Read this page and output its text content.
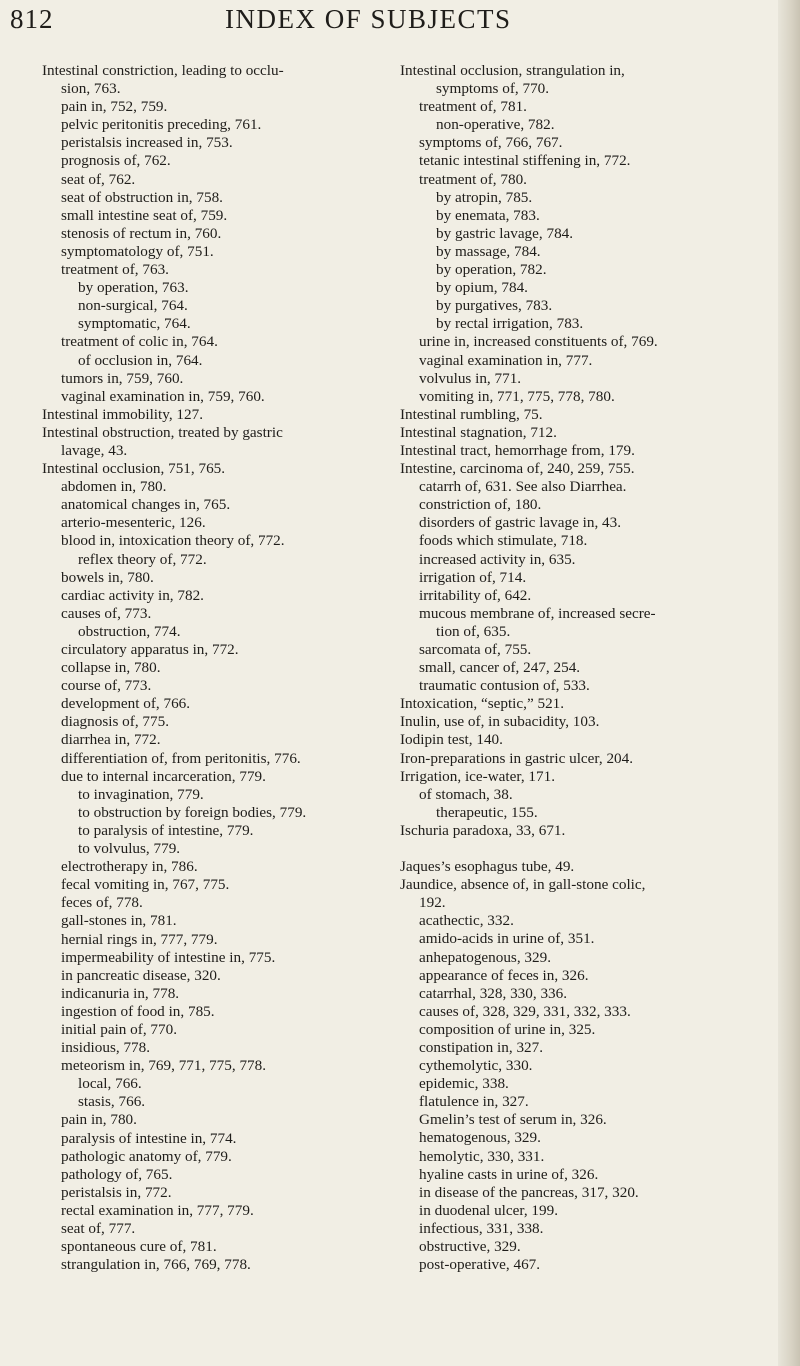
812	INDEX OF SUBJECTS
Intestinal constriction, leading to occlu-
sion, 763.
pain in, 752, 759.
pelvic peritonitis preceding, 761.
peristalsis increased in, 753.
prognosis of, 762.
seat of, 762.
seat of obstruction in, 758.
small intestine seat of, 759.
stenosis of rectum in, 760.
symptomatology of, 751.
treatment of, 763.
by operation, 763.
non-surgical, 764.
symptomatic, 764.
treatment of colic in, 764.
of occlusion in, 764.
tumors in, 759, 760.
vaginal examination in, 759, 760.
Intestinal immobility, 127.
Intestinal obstruction, treated by gastric
lavage, 43.
Intestinal occlusion, 751, 765.
abdomen in, 780.
anatomical changes in, 765.
arterio-mesenteric, 126.
blood in, intoxication theory of, 772.
reflex theory of, 772.
bowels in, 780.
cardiac activity in, 782.
causes of, 773.
obstruction, 774.
circulatory apparatus in, 772.
collapse in, 780.
course of, 773.
development of, 766.
diagnosis of, 775.
diarrhea in, 772.
differentiation of, from peritonitis, 776.
due to internal incarceration, 779.
to invagination, 779.
to obstruction by foreign bodies, 779.
to paralysis of intestine, 779.
to volvulus, 779.
electrotherapy in, 786.
fecal vomiting in, 767, 775.
feces of, 778.
gall-stones in, 781.
hernial rings in, 777, 779.
impermeability of intestine in, 775.
in pancreatic disease, 320.
indicanuria in, 778.
ingestion of food in, 785.
initial pain of, 770.
insidious, 778.
meteorism in, 769, 771, 775, 778.
local, 766.
stasis, 766.
pain in, 780.
paralysis of intestine in, 774.
pathologic anatomy of, 779.
pathology of, 765.
peristalsis in, 772.
rectal examination in, 777, 779.
seat of, 777.
spontaneous cure of, 781.
strangulation in, 766, 769, 778.
Intestinal occlusion, strangulation in,
symptoms of, 770.
treatment of, 781.
non-operative, 782.
symptoms of, 766, 767.
tetanic intestinal stiffening in, 772.
treatment of, 780.
by atropin, 785.
by enemata, 783.
by gastric lavage, 784.
by massage, 784.
by operation, 782.
by opium, 784.
by purgatives, 783.
by rectal irrigation, 783.
urine in, increased constituents of, 769.
vaginal examination in, 777.
volvulus in, 771.
vomiting in, 771, 775, 778, 780.
Intestinal rumbling, 75.
Intestinal stagnation, 712.
Intestinal tract, hemorrhage from, 179.
Intestine, carcinoma of, 240, 259, 755.
catarrh of, 631. See also Diarrhea.
constriction of, 180.
disorders of gastric lavage in, 43.
foods which stimulate, 718.
increased activity in, 635.
irrigation of, 714.
irritability of, 642.
mucous membrane of, increased secre-
tion of, 635.
sarcomata of, 755.
small, cancer of, 247, 254.
traumatic contusion of, 533.
Intoxication, “septic,” 521.
Inulin, use of, in subacidity, 103.
Iodipin test, 140.
Iron-preparations in gastric ulcer, 204.
Irrigation, ice-water, 171.
of stomach, 38.
therapeutic, 155.
Ischuria paradoxa, 33, 671.
Jaques’s esophagus tube, 49.
Jaundice, absence of, in gall-stone colic,
192.
acathectic, 332.
amido-acids in urine of, 351.
anhepatogenous, 329.
appearance of feces in, 326.
catarrhal, 328, 330, 336.
causes of, 328, 329, 331, 332, 333.
composition of urine in, 325.
constipation in, 327.
cythemolytic, 330.
epidemic, 338.
flatulence in, 327.
Gmelin’s test of serum in, 326.
hematogenous, 329.
hemolytic, 330, 331.
hyaline casts in urine of, 326.
in disease of the pancreas, 317, 320.
in duodenal ulcer, 199.
infectious, 331, 338.
obstructive, 329.
post-operative, 467.
